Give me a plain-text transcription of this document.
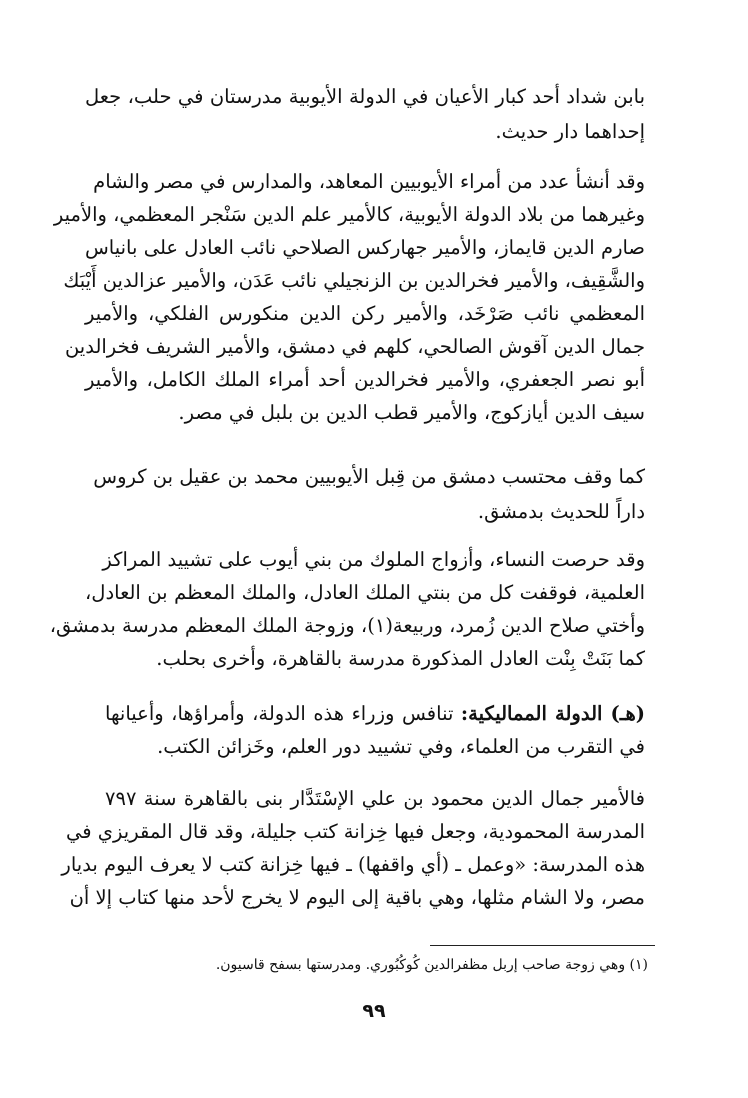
بابن شداد أحد كبار الأعيان في الدولة الأيوبية مدرستان في حلب، جعل
إحداهما دار حديث.
وقد أنشأ عدد من أمراء الأيوبيين المعاهد، والمدارس في مصر والشام
وغيرهما من بلاد الدولة الأيوبية، كالأمير علم الدين سَنْجر المعظمي، والأمير
صارم الدين قايماز، والأمير جهاركس الصلاحي نائب العادل على بانياس
والشَّقِيف، والأمير فخرالدين بن الزنجيلي نائب عَدَن، والأمير عزالدين أَيْبَك
المعظمي نائب صَرْخَد، والأمير ركن الدين منكورس الفلكي، والأمير
جمال الدين آقوش الصالحي، كلهم في دمشق، والأمير الشريف فخرالدين
أبو نصر الجعفري، والأمير فخرالدين أحد أمراء الملك الكامل، والأمير
سيف الدين أيازكوج، والأمير قطب الدين بن بلبل في مصر.
كما وقف محتسب دمشق من قِبل الأيوبيين محمد بن عقيل بن كروس
داراً للحديث بدمشق.
وقد حرصت النساء، وأزواج الملوك من بني أيوب على تشييد المراكز
العلمية، فوقفت كل من بنتي الملك العادل، والملك المعظم بن العادل،
وأختي صلاح الدين زُمرد، وربيعة(١)، وزوجة الملك المعظم مدرسة بدمشق،
كما بَنَتْ بِنْت العادل المذكورة مدرسة بالقاهرة، وأخرى بحلب.
(هـ) الدولة المماليكية: تنافس وزراء هذه الدولة، وأمراؤها، وأعيانها
في التقرب من العلماء، وفي تشييد دور العلم، وخَزائن الكتب.
فالأمير جمال الدين محمود بن علي الإسْتَدَّار بنى بالقاهرة سنة ٧٩٧
المدرسة المحمودية، وجعل فيها خِزانة كتب جليلة، وقد قال المقريزي في
هذه المدرسة: «وعمل ـ (أي واقفها) ـ فيها خِزانة كتب لا يعرف اليوم بديار
مصر، ولا الشام مثلها، وهي باقية إلى اليوم لا يخرج لأحد منها كتاب إلا أن
(١) وهي زوجة صاحب إربل مظفرالدين كُوكُبُوري. ومدرستها بسفح قاسيون.
٩٩
